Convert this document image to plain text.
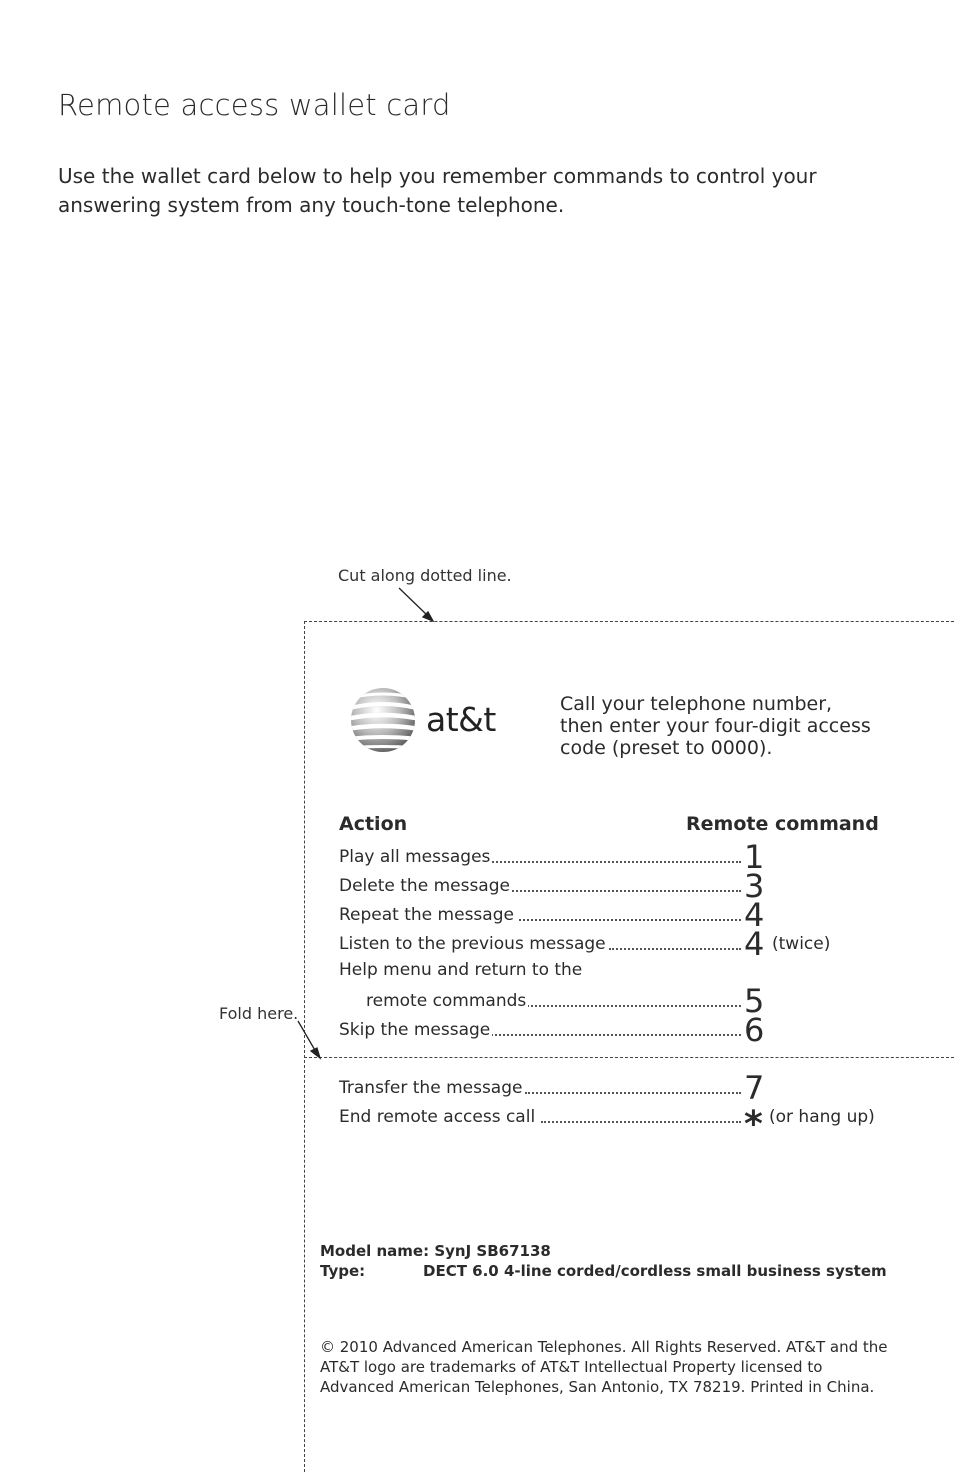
Remote access wallet card
Use the wallet card below to help you remember commands to control your answering system from any touch-tone telephone.
Cut along dotted line.
Fold here.
at&t	Call your telephone number, then enter your four-digit access code (preset to 0000).
Action	Remote command
Play all messages	1
Delete the message	3
Repeat the message	4
Listen to the previous message	4 (twice)
Help menu and return to the
remote commands	5
Skip the message	6
Transfer the message	7
End remote access call	* (or hang up)
Model name: SynJ SB67138
Type:	DECT 6.0 4-line corded/cordless small business system
© 2010 Advanced American Telephones. All Rights Reserved. AT&T and the AT&T logo are trademarks of AT&T Intellectual Property licensed to Advanced American Telephones, San Antonio, TX 78219. Printed in China.
